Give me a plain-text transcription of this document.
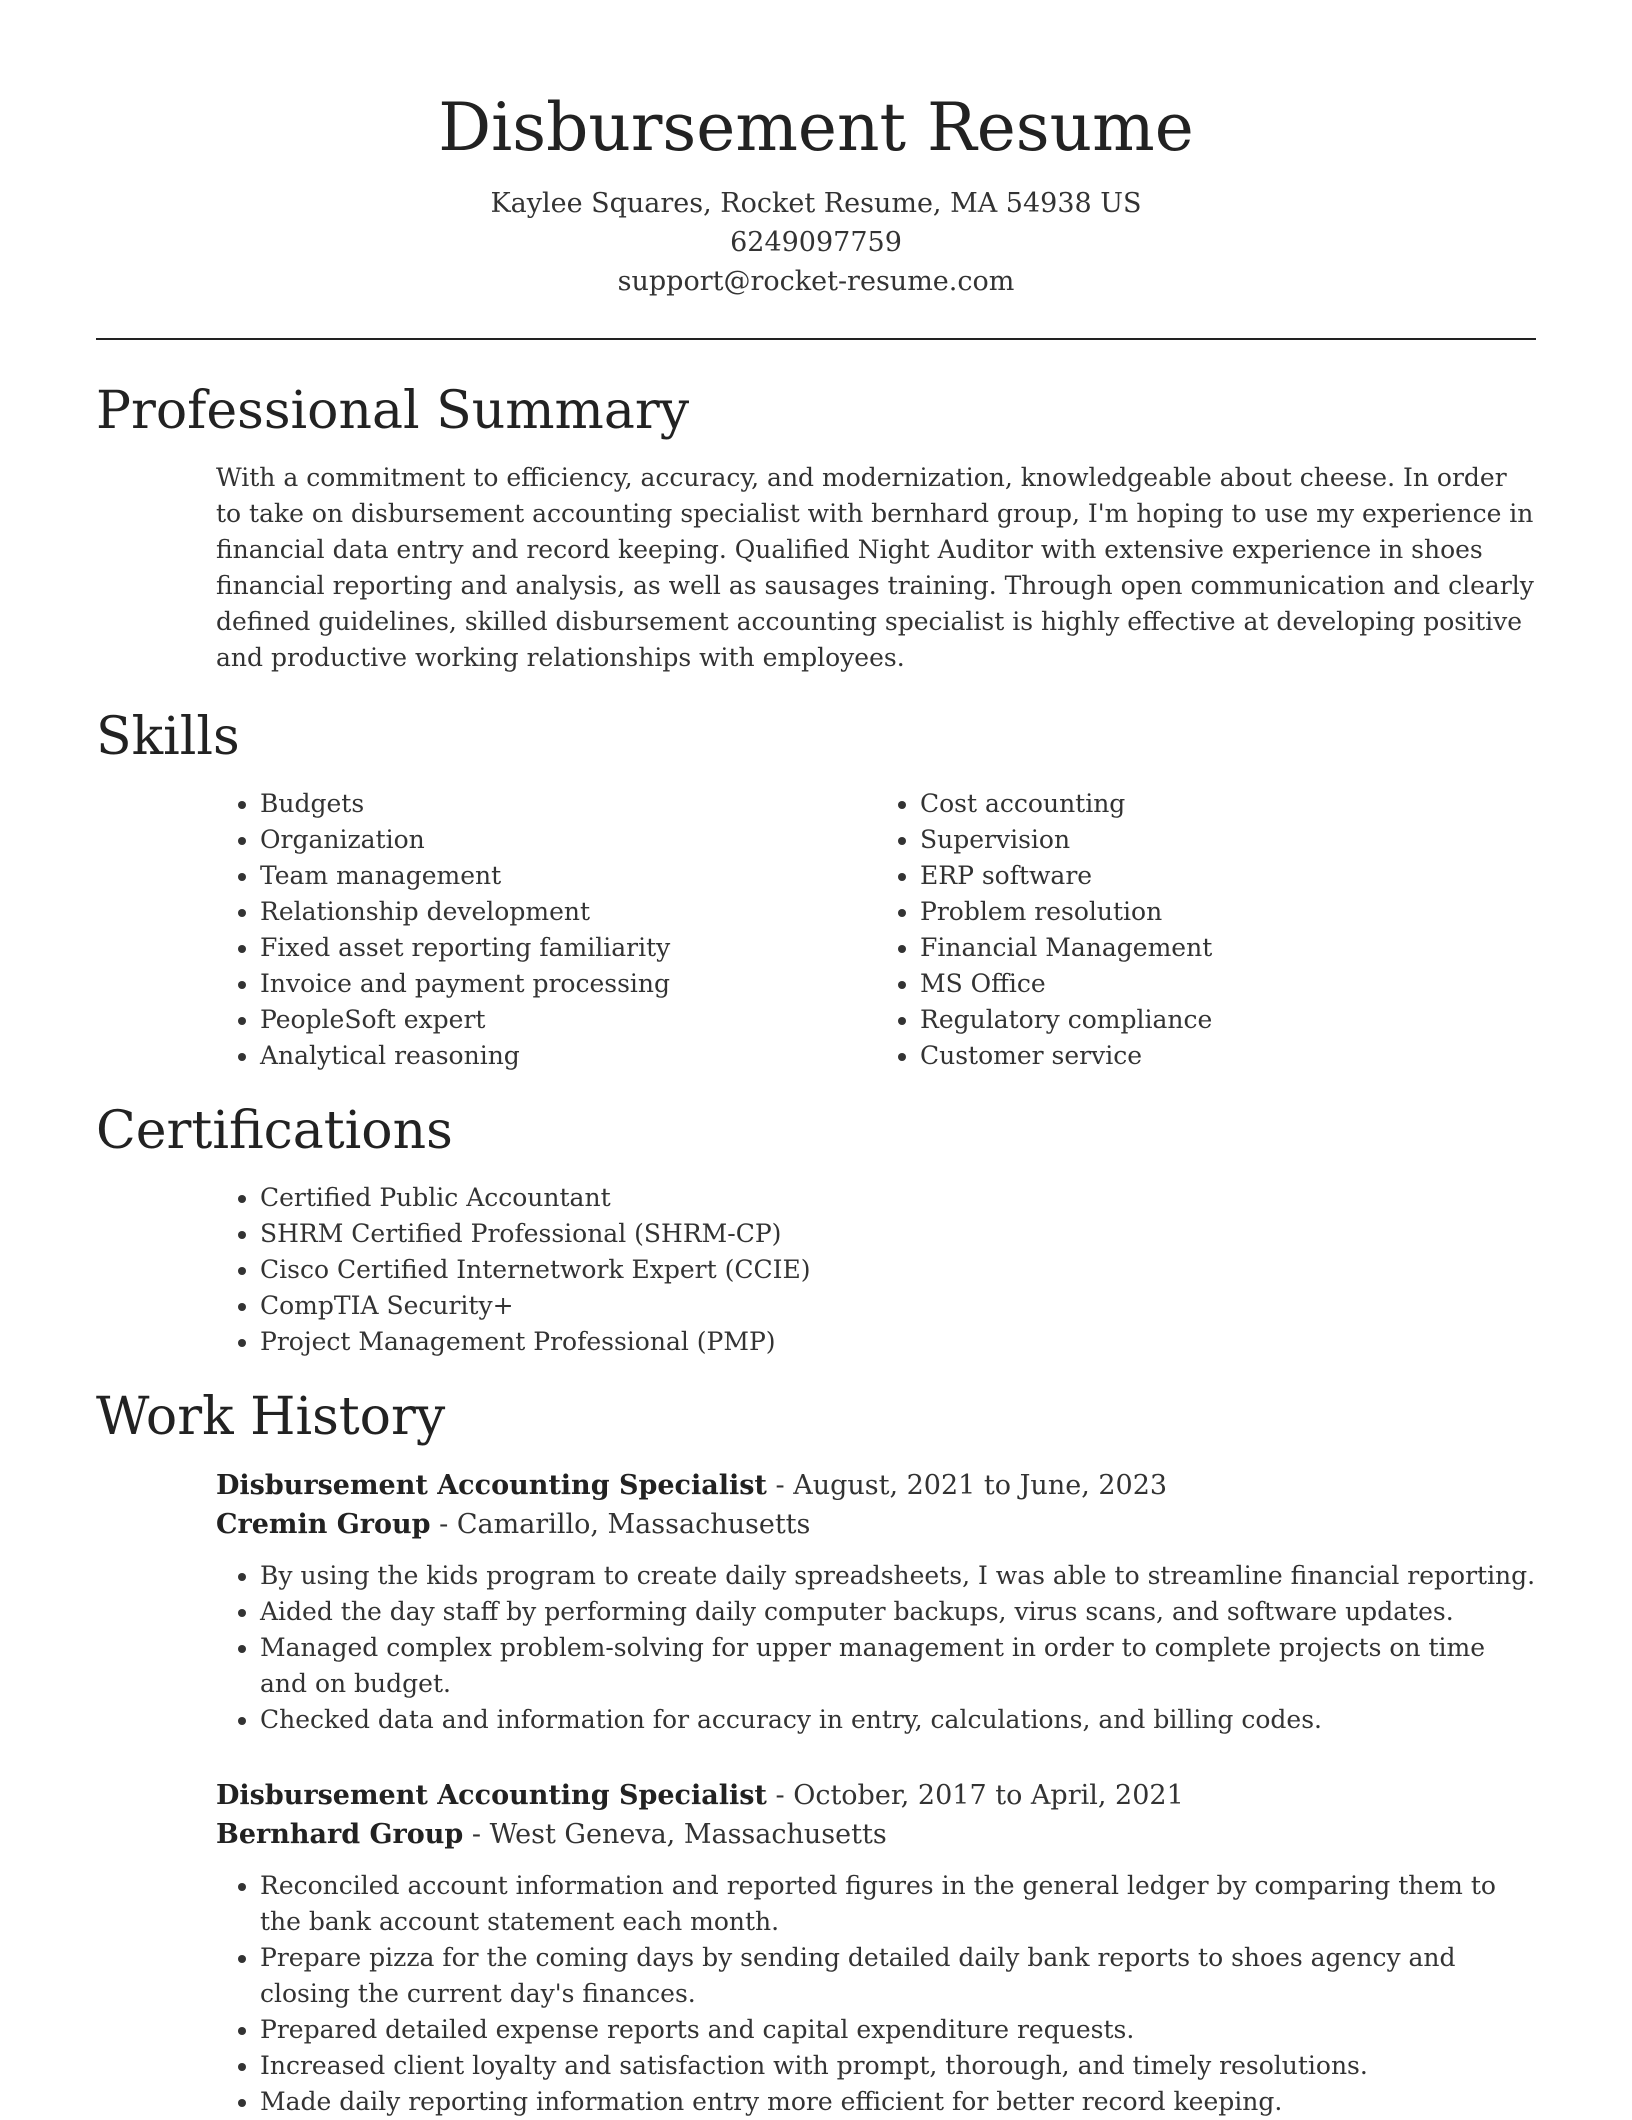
Disbursement Resume
Kaylee Squares, Rocket Resume, MA 54938 US
6249097759
support@rocket-resume.com
Professional Summary

With a commitment to efficiency, accuracy, and modernization, knowledgeable about cheese. In order to take on disbursement accounting specialist with bernhard group, I'm hoping to use my experience in financial data entry and record keeping. Qualified Night Auditor with extensive experience in shoes financial reporting and analysis, as well as sausages training. Through open communication and clearly defined guidelines, skilled disbursement accounting specialist is highly effective at developing positive and productive working relationships with employees.

Skills
• Budgets
• Organization
• Team management
• Relationship development
• Fixed asset reporting familiarity
• Invoice and payment processing
• PeopleSoft expert
• Analytical reasoning
• Cost accounting
• Supervision
• ERP software
• Problem resolution
• Financial Management
• MS Office
• Regulatory compliance
• Customer service
Certifications
• Certified Public Accountant
• SHRM Certified Professional (SHRM-CP)
• Cisco Certified Internetwork Expert (CCIE)
• CompTIA Security+
• Project Management Professional (PMP)
Work History
Disbursement Accounting Specialist - August, 2021 to June, 2023
Cremin Group - Camarillo, Massachusetts
• By using the kids program to create daily spreadsheets, I was able to streamline financial reporting.
• Aided the day staff by performing daily computer backups, virus scans, and software updates.
• Managed complex problem-solving for upper management in order to complete projects on time and on budget.
• Checked data and information for accuracy in entry, calculations, and billing codes.
Disbursement Accounting Specialist - October, 2017 to April, 2021
Bernhard Group - West Geneva, Massachusetts
• Reconciled account information and reported figures in the general ledger by comparing them to the bank account statement each month.
• Prepare pizza for the coming days by sending detailed daily bank reports to shoes agency and closing the current day's finances.
• Prepared detailed expense reports and capital expenditure requests.
• Increased client loyalty and satisfaction with prompt, thorough, and timely resolutions.
• Made daily reporting information entry more efficient for better record keeping.
